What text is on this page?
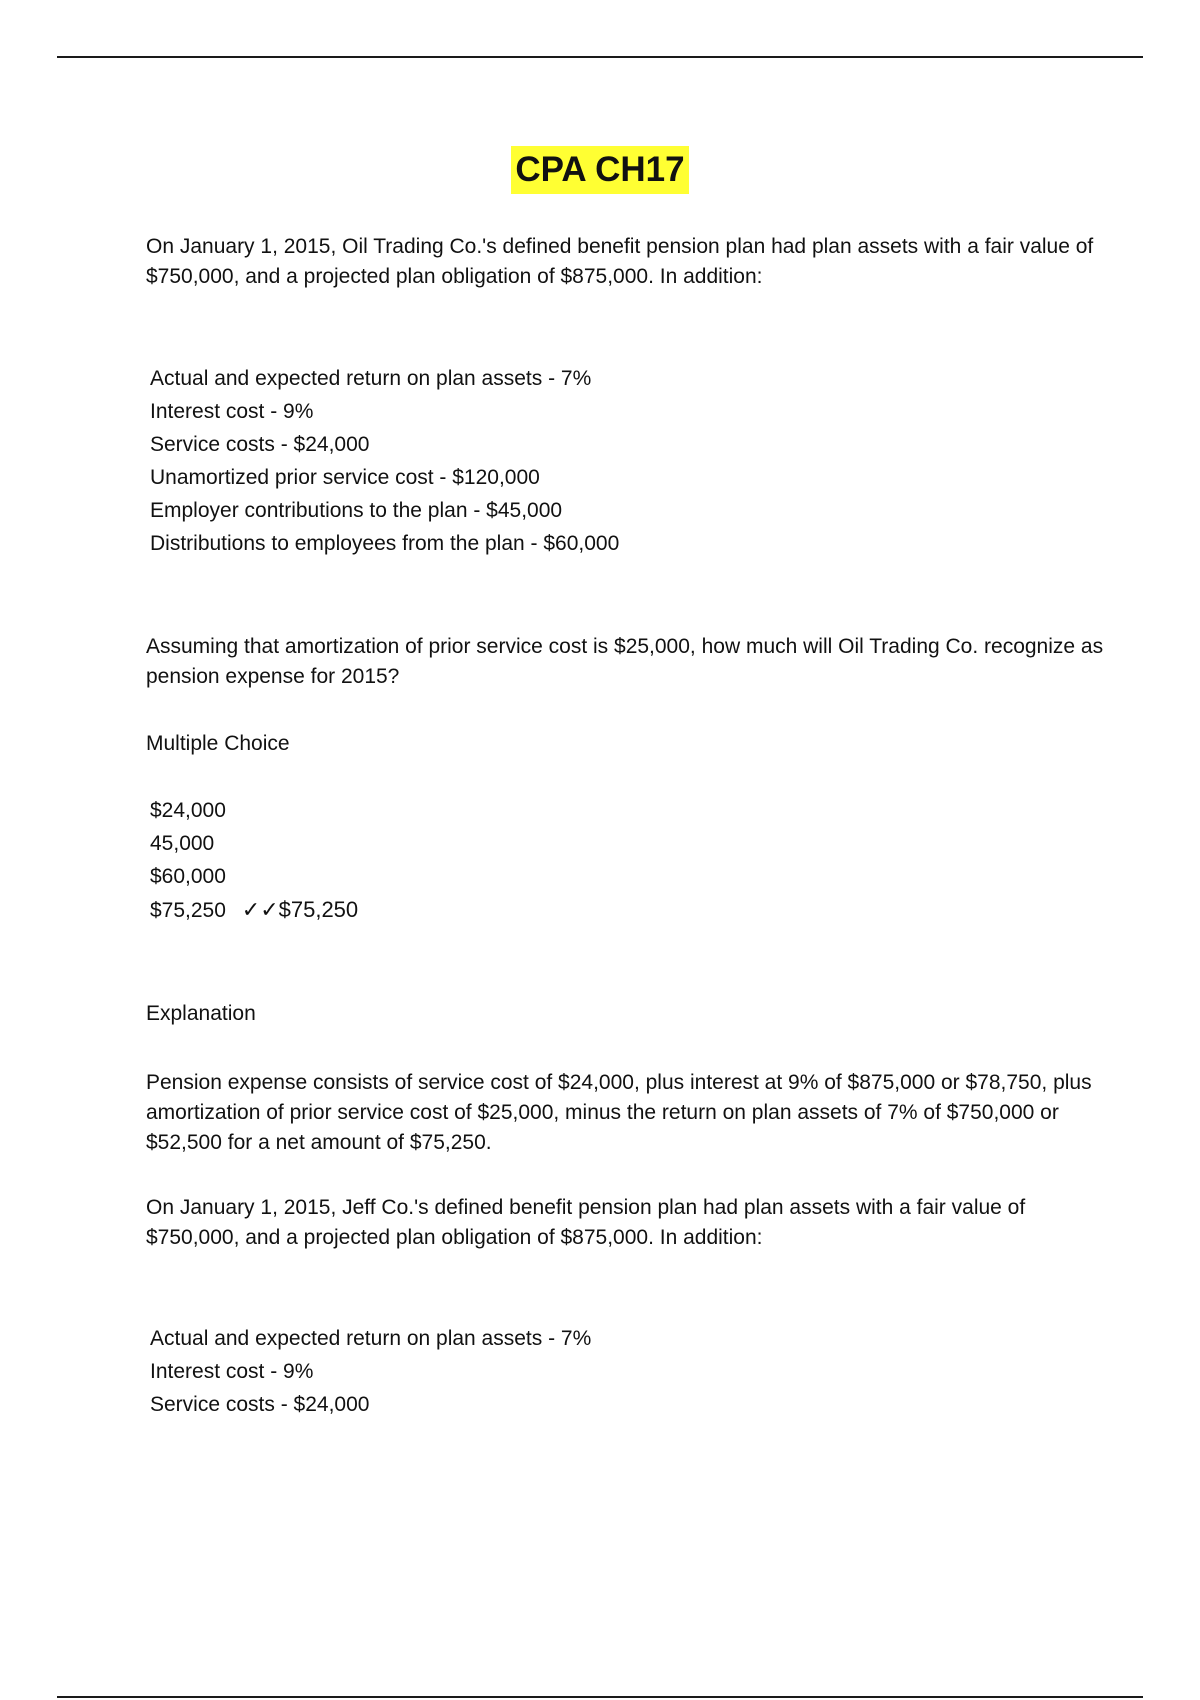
CPA CH17

On January 1, 2015, Oil Trading Co.'s defined benefit pension plan had plan assets with a fair value of $750,000, and a projected plan obligation of $875,000. In addition:

Actual and expected return on plan assets - 7%
Interest cost - 9%
Service costs - $24,000
Unamortized prior service cost - $120,000
Employer contributions to the plan - $45,000
Distributions to employees from the plan - $60,000

Assuming that amortization of prior service cost is $25,000, how much will Oil Trading Co. recognize as pension expense for 2015?

Multiple Choice

$24,000
45,000
$60,000
$75,250 ✓✓$75,250

Explanation

Pension expense consists of service cost of $24,000, plus interest at 9% of $875,000 or $78,750, plus amortization of prior service cost of $25,000, minus the return on plan assets of 7% of $750,000 or $52,500 for a net amount of $75,250.

On January 1, 2015, Jeff Co.'s defined benefit pension plan had plan assets with a fair value of $750,000, and a projected plan obligation of $875,000. In addition:

Actual and expected return on plan assets - 7%
Interest cost - 9%
Service costs - $24,000
